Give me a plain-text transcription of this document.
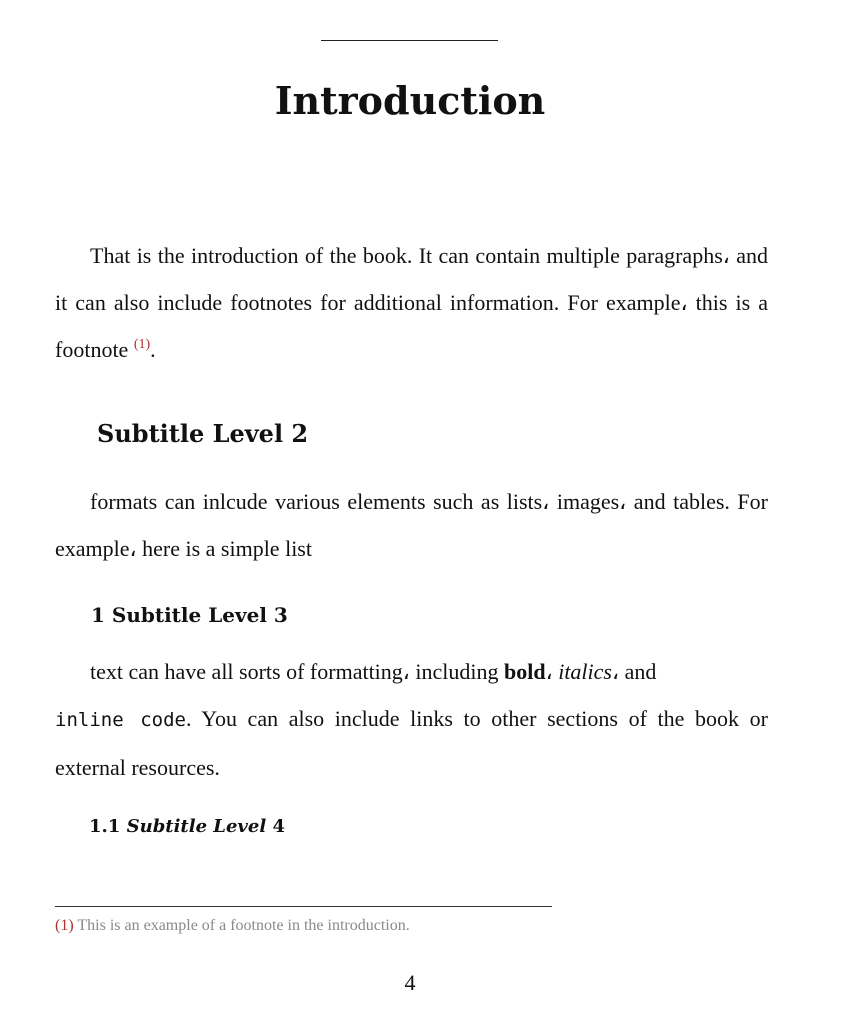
Introduction

That is the introduction of the book. It can contain multiple paragraphs، and it can also include footnotes for additional information. For example، this is a footnote $^{(1)}$.

Subtitle Level 2

formats can inlcude various elements such as lists، images، and tables. For example، here is a simple list

1 Subtitle Level 3

text can have all sorts of formatting، including bold، italics، and
inline code. You can also include links to other sections of the book or external resources.

1.1 Subtitle Level 4

(1) This is an example of a footnote in the introduction.

4
